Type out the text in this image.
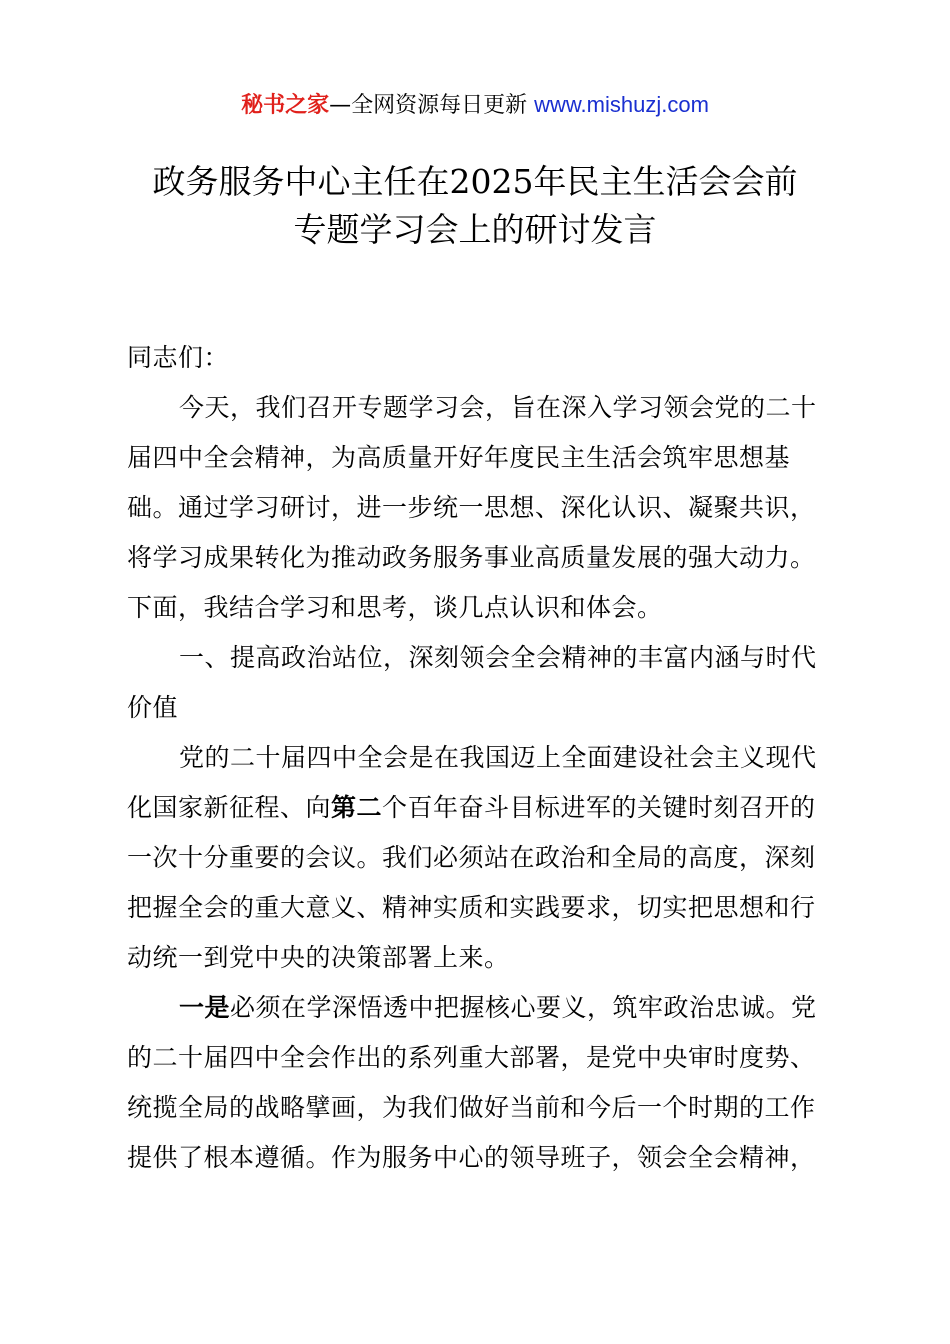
秘书之家—全网资源每日更新 www.mishuzj.com
政务服务中心主任在2025年民主生活会会前
专题学习会上的研讨发言

同志们：

今天，我们召开专题学习会，旨在深入学习领会党的二十届四中全会精神，为高质量开好年度民主生活会筑牢思想基础。通过学习研讨，进一步统一思想、深化认识、凝聚共识，将学习成果转化为推动政务服务事业高质量发展的强大动力。下面，我结合学习和思考，谈几点认识和体会。

一、提高政治站位，深刻领会全会精神的丰富内涵与时代价值

党的二十届四中全会是在我国迈上全面建设社会主义现代化国家新征程、向第二个百年奋斗目标进军的关键时刻召开的一次十分重要的会议。我们必须站在政治和全局的高度，深刻把握全会的重大意义、精神实质和实践要求，切实把思想和行动统一到党中央的决策部署上来。

一是必须在学深悟透中把握核心要义，筑牢政治忠诚。党的二十届四中全会作出的系列重大部署，是党中央审时度势、统揽全局的战略擘画，为我们做好当前和今后一个时期的工作提供了根本遵循。作为服务中心的领导班子，领会全会精神，
